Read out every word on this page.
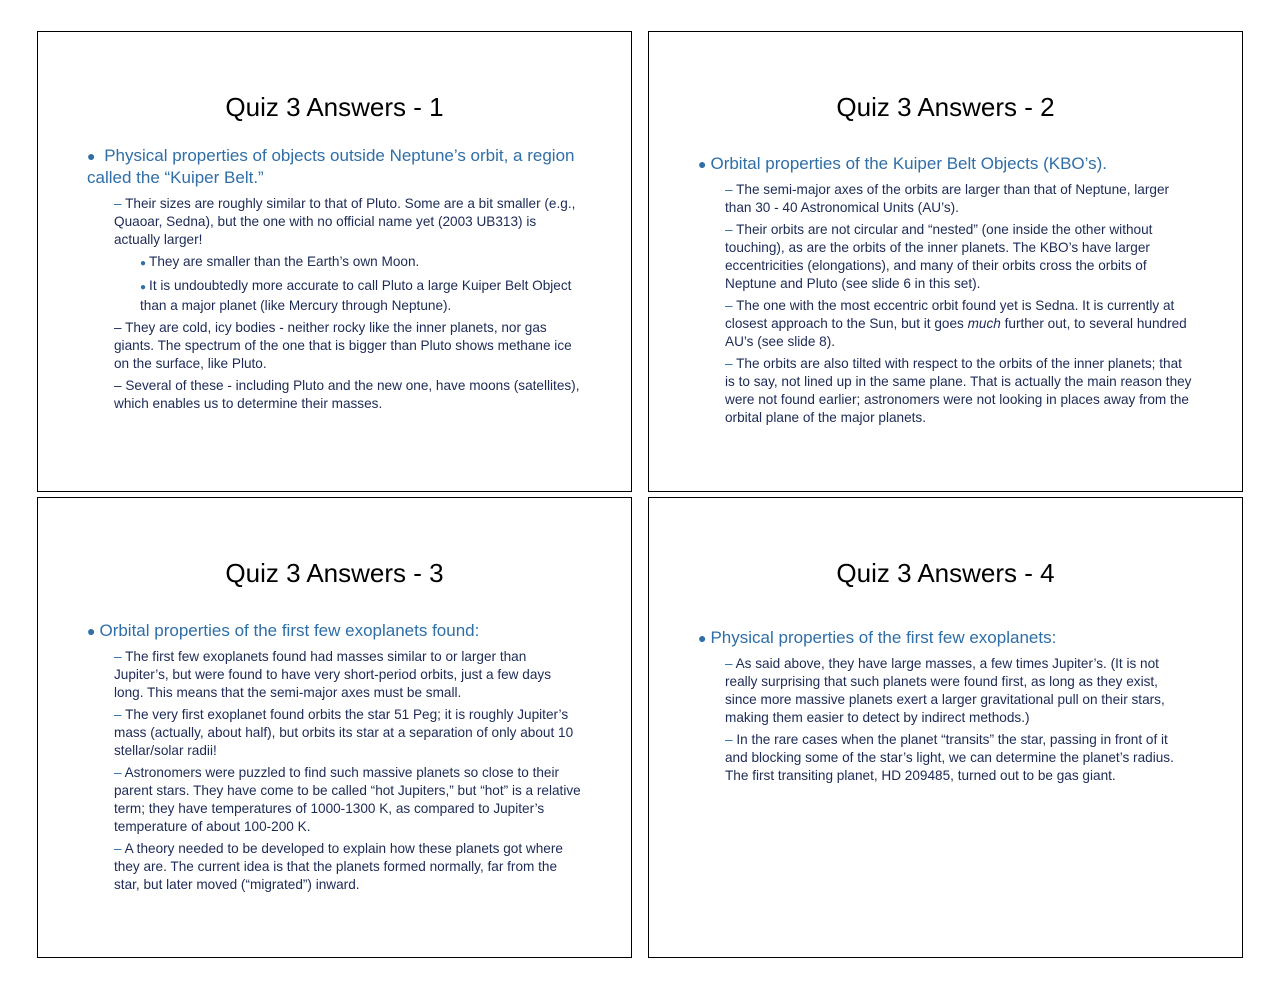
Quiz 3 Answers - 1
● Physical properties of objects outside Neptune’s orbit, a region called the “Kuiper Belt.”
– Their sizes are roughly similar to that of Pluto. Some are a bit smaller (e.g., Quaoar, Sedna), but the one with no official name yet (2003 UB313) is actually larger!
● They are smaller than the Earth’s own Moon.
● It is undoubtedly more accurate to call Pluto a large Kuiper Belt Object than a major planet (like Mercury through Neptune).
– They are cold, icy bodies - neither rocky like the inner planets, nor gas giants. The spectrum of the one that is bigger than Pluto shows methane ice on the surface, like Pluto.
– Several of these - including Pluto and the new one, have moons (satellites), which enables us to determine their masses.
Quiz 3 Answers - 2
● Orbital properties of the Kuiper Belt Objects (KBO’s).
– The semi-major axes of the orbits are larger than that of Neptune, larger than 30 - 40 Astronomical Units (AU’s).
– Their orbits are not circular and “nested” (one inside the other without touching), as are the orbits of the inner planets. The KBO’s have larger eccentricities (elongations), and many of their orbits cross the orbits of Neptune and Pluto (see slide 6 in this set).
– The one with the most eccentric orbit found yet is Sedna. It is currently at closest approach to the Sun, but it goes much further out, to several hundred AU’s (see slide 8).
– The orbits are also tilted with respect to the orbits of the inner planets; that is to say, not lined up in the same plane. That is actually the main reason they were not found earlier; astronomers were not looking in places away from the orbital plane of the major planets.
Quiz 3 Answers - 3
● Orbital properties of the first few exoplanets found:
– The first few exoplanets found had masses similar to or larger than Jupiter’s, but were found to have very short-period orbits, just a few days long. This means that the semi-major axes must be small.
– The very first exoplanet found orbits the star 51 Peg; it is roughly Jupiter’s mass (actually, about half), but orbits its star at a separation of only about 10 stellar/solar radii!
– Astronomers were puzzled to find such massive planets so close to their parent stars. They have come to be called “hot Jupiters,” but “hot” is a relative term; they have temperatures of 1000-1300 K, as compared to Jupiter’s temperature of about 100-200 K.
– A theory needed to be developed to explain how these planets got where they are. The current idea is that the planets formed normally, far from the star, but later moved (“migrated”) inward.
Quiz 3 Answers - 4
● Physical properties of the first few exoplanets:
– As said above, they have large masses, a few times Jupiter’s. (It is not really surprising that such planets were found first, as long as they exist, since more massive planets exert a larger gravitational pull on their stars, making them easier to detect by indirect methods.)
– In the rare cases when the planet “transits” the star, passing in front of it and blocking some of the star’s light, we can determine the planet’s radius. The first transiting planet, HD 209485, turned out to be gas giant.
